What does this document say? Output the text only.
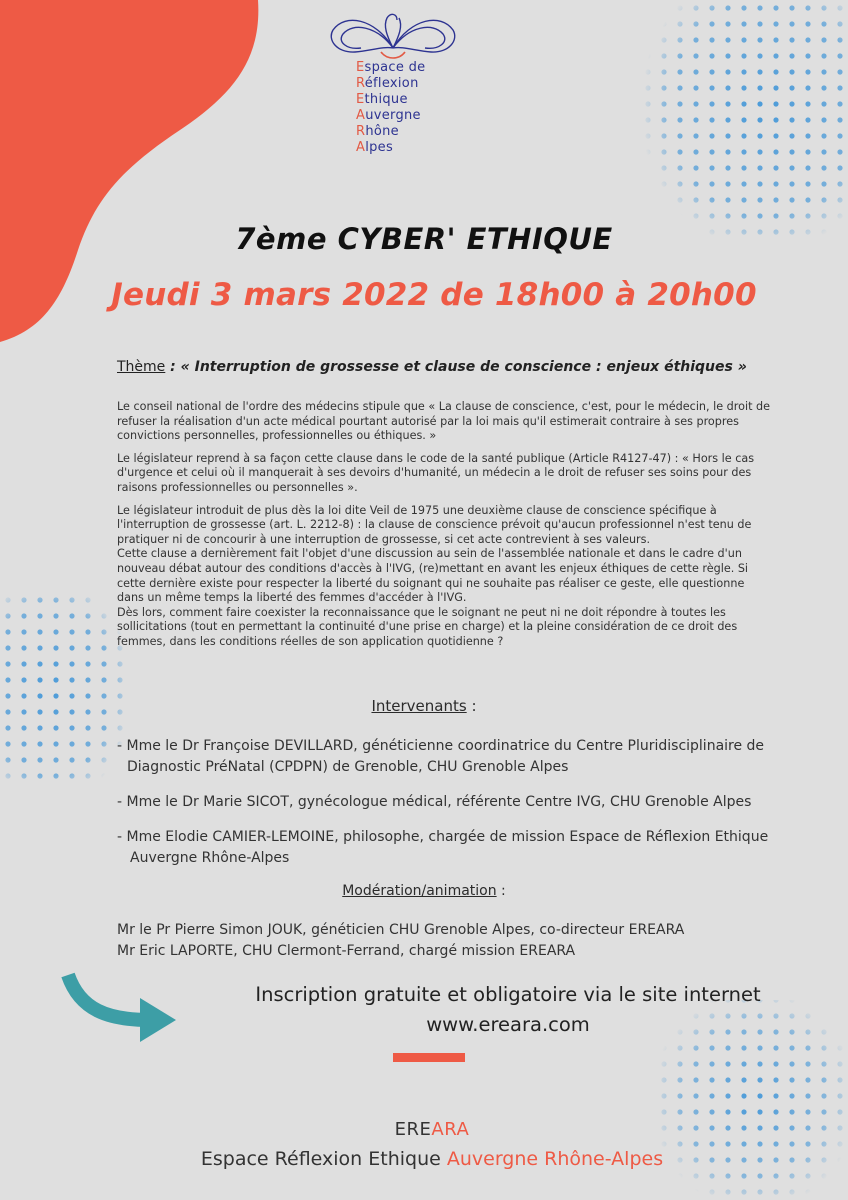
Espace de
Réflexion
Ethique
Auvergne
Rhône
Alpes
7ème CYBER' ETHIQUE
Jeudi 3 mars 2022 de 18h00 à 20h00
Thème : « Interruption de grossesse et clause de conscience : enjeux éthiques »

Le conseil national de l'ordre des médecins stipule que « La clause de conscience, c'est, pour le médecin, le droit de refuser la réalisation d'un acte médical pourtant autorisé par la loi mais qu'il estimerait contraire à ses propres convictions personnelles, professionnelles ou éthiques. »

Le législateur reprend à sa façon cette clause dans le code de la santé publique (Article R4127-47) : « Hors le cas d'urgence et celui où il manquerait à ses devoirs d'humanité, un médecin a le droit de refuser ses soins pour des raisons professionnelles ou personnelles ».

Le législateur introduit de plus dès la loi dite Veil de 1975 une deuxième clause de conscience spécifique à l'interruption de grossesse (art. L. 2212-8) : la clause de conscience prévoit qu'aucun professionnel n'est tenu de pratiquer ni de concourir à une interruption de grossesse, si cet acte contrevient à ses valeurs.

Cette clause a dernièrement fait l'objet d'une discussion au sein de l'assemblée nationale et dans le cadre d'un nouveau débat autour des conditions d'accès à l'IVG, (re)mettant en avant les enjeux éthiques de cette règle. Si cette dernière existe pour respecter la liberté du soignant qui ne souhaite pas réaliser ce geste, elle questionne dans un même temps la liberté des femmes d'accéder à l'IVG.

Dès lors, comment faire coexister la reconnaissance que le soignant ne peut ni ne doit répondre à toutes les sollicitations (tout en permettant la continuité d'une prise en charge) et la pleine considération de ce droit des femmes, dans les conditions réelles de son application quotidienne ?

Intervenants :
- Mme le Dr Françoise DEVILLARD, généticienne coordinatrice du Centre Pluridisciplinaire de
Diagnostic PréNatal (CPDPN) de Grenoble, CHU Grenoble Alpes
- Mme le Dr Marie SICOT, gynécologue médical, référente Centre IVG, CHU Grenoble Alpes
- Mme Elodie CAMIER-LEMOINE, philosophe, chargée de mission Espace de Réflexion Ethique
Auvergne Rhône-Alpes
Modération/animation :
Mr le Pr Pierre Simon JOUK, généticien CHU Grenoble Alpes, co-directeur EREARA
Mr Eric LAPORTE, CHU Clermont-Ferrand, chargé mission EREARA
Inscription gratuite et obligatoire via le site internet
www.ereara.com
EREARA
Espace Réflexion Ethique Auvergne Rhône-Alpes
